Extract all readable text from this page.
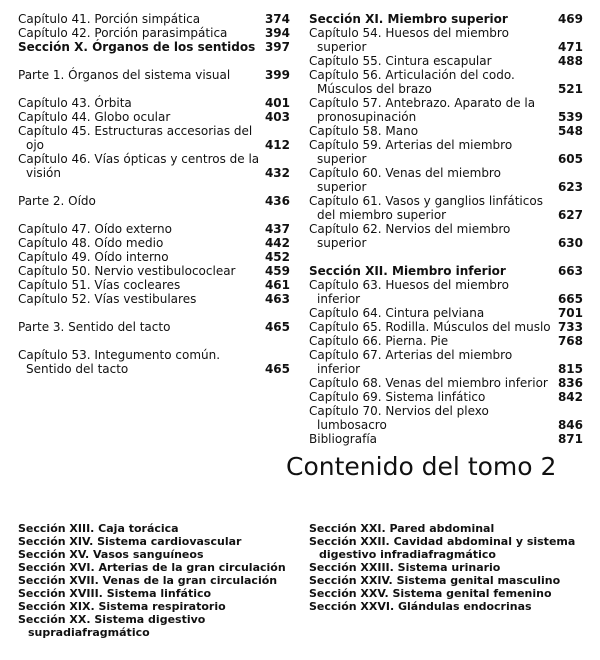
Capítulo 41. Porción simpática	374
Capítulo 42. Porción parasimpática	394
Sección X. Órganos de los sentidos 397
Parte 1. Órganos del sistema visual	399
Capítulo 43. Órbita	401
Capítulo 44. Globo ocular	403
Capítulo 45. Estructuras accesorias del ojo	412
Capítulo 46. Vías ópticas y centros de la visión	432
Parte 2. Oído	436
Capítulo 47. Oído externo	437
Capítulo 48. Oído medio	442
Capítulo 49. Oído interno	452
Capítulo 50. Nervio vestibulococlear	459
Capítulo 51. Vías cocleares	461
Capítulo 52. Vías vestibulares	463
Parte 3. Sentido del tacto	465
Capítulo 53. Integumento común. Sentido del tacto	465
Sección XI. Miembro superior	469
Capítulo 54. Huesos del miembro superior	471
Capítulo 55. Cintura escapular	488
Capítulo 56. Articulación del codo. Músculos del brazo	521
Capítulo 57. Antebrazo. Aparato de la pronosupinación	539
Capítulo 58. Mano	548
Capítulo 59. Arterias del miembro superior	605
Capítulo 60. Venas del miembro superior	623
Capítulo 61. Vasos y ganglios linfáticos del miembro superior	627
Capítulo 62. Nervios del miembro superior	630
Sección XII. Miembro inferior	663
Capítulo 63. Huesos del miembro inferior	665
Capítulo 64. Cintura pelviana	701
Capítulo 65. Rodilla. Músculos del muslo 733
Capítulo 66. Pierna. Pie	768
Capítulo 67. Arterias del miembro inferior	815
Capítulo 68. Venas del miembro inferior 836
Capítulo 69. Sistema linfático	842
Capítulo 70. Nervios del plexo lumbosacro	846
Bibliografía	871
Contenido del tomo 2
Sección XIII. Caja torácica
Sección XIV. Sistema cardiovascular
Sección XV. Vasos sanguíneos
Sección XVI. Arterias de la gran circulación
Sección XVII. Venas de la gran circulación
Sección XVIII. Sistema linfático
Sección XIX. Sistema respiratorio
Sección XX. Sistema digestivo supradiafragmático
Sección XXI. Pared abdominal
Sección XXII. Cavidad abdominal y sistema digestivo infradiafragmático
Sección XXIII. Sistema urinario
Sección XXIV. Sistema genital masculino
Sección XXV. Sistema genital femenino
Sección XXVI. Glándulas endocrinas
